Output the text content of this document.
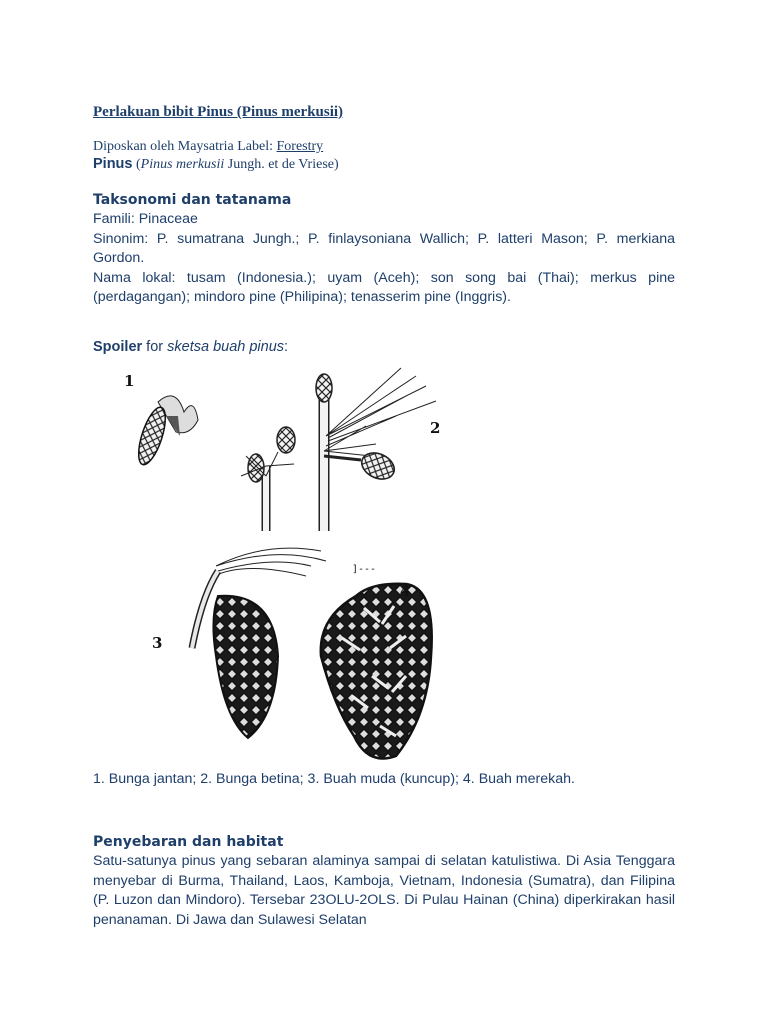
Perlakuan bibit Pinus (Pinus merkusii)
Diposkan oleh Maysatria Label: Forestry
Pinus (Pinus merkusii Jungh. et de Vriese)
Taksonomi dan tatanama

Famili: Pinaceae

Sinonim: P. sumatrana Jungh.; P. finlaysoniana Wallich; P. latteri Mason; P. merkiana Gordon.

Nama lokal: tusam (Indonesia.); uyam (Aceh); son song bai (Thai); merkus pine (perdagangan); mindoro pine (Philipina); tenasserim pine (Inggris).

Spoiler for sketsa buah pinus:
1. Bunga jantan; 2. Bunga betina; 3. Buah muda (kuncup); 4. Buah merekah.
Penyebaran dan habitat

Satu-satunya pinus yang sebaran alaminya sampai di selatan katulistiwa. Di Asia Tenggara menyebar di Burma, Thailand, Laos, Kamboja, Vietnam, Indonesia (Sumatra), dan Filipina (P. Luzon dan Mindoro). Tersebar 23OLU-2OLS. Di Pulau Hainan (China) diperkirakan hasil penanaman. Di Jawa dan Sulawesi Selatan

1
2
3
]---
4
